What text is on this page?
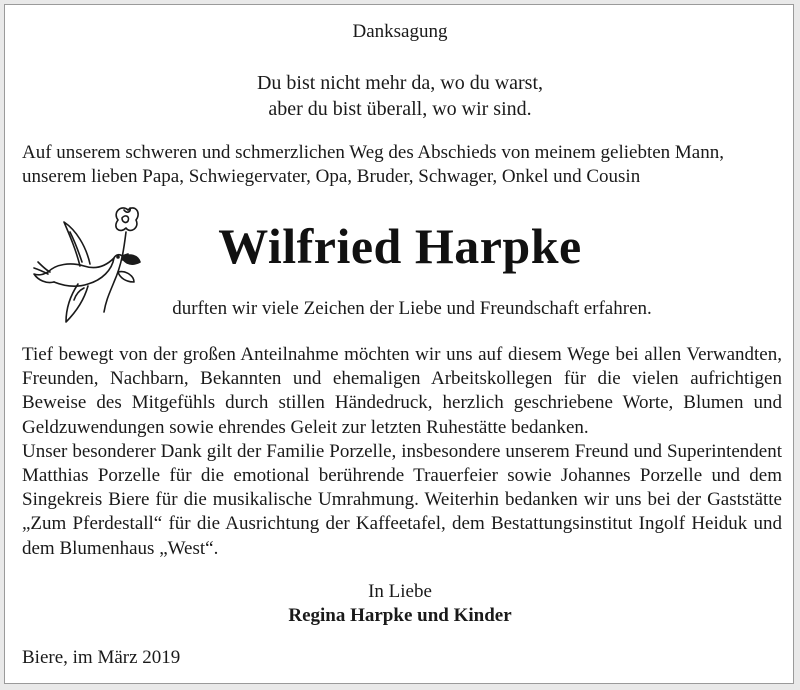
Danksagung
Du bist nicht mehr da, wo du warst,
aber du bist überall, wo wir sind.
Auf unserem schweren und schmerzlichen Weg des Abschieds von meinem geliebten Mann,
unserem lieben Papa, Schwiegervater, Opa, Bruder, Schwager, Onkel und Cousin
Wilfried Harpke
durften wir viele Zeichen der Liebe und Freundschaft erfahren.

Tief bewegt von der großen Anteilnahme möchten wir uns auf diesem Wege bei allen Verwandten, Freunden, Nachbarn, Bekannten und ehemaligen Arbeitskollegen für die vielen aufrichtigen Beweise des Mitgefühls durch stillen Händedruck, herzlich geschriebene Worte, Blumen und Geldzuwendungen sowie ehrendes Geleit zur letzten Ruhestätte bedanken.

Unser besonderer Dank gilt der Familie Porzelle, insbesondere unserem Freund und Superintendent Matthias Porzelle für die emotional berührende Trauerfeier sowie Johannes Porzelle und dem Singekreis Biere für die musikalische Umrahmung. Weiterhin bedanken wir uns bei der Gaststätte „Zum Pferdestall“ für die Ausrichtung der Kaffeetafel, dem Bestattungsinstitut Ingolf Heiduk und dem Blumenhaus „West“.

In Liebe
Regina Harpke und Kinder
Biere, im März 2019
